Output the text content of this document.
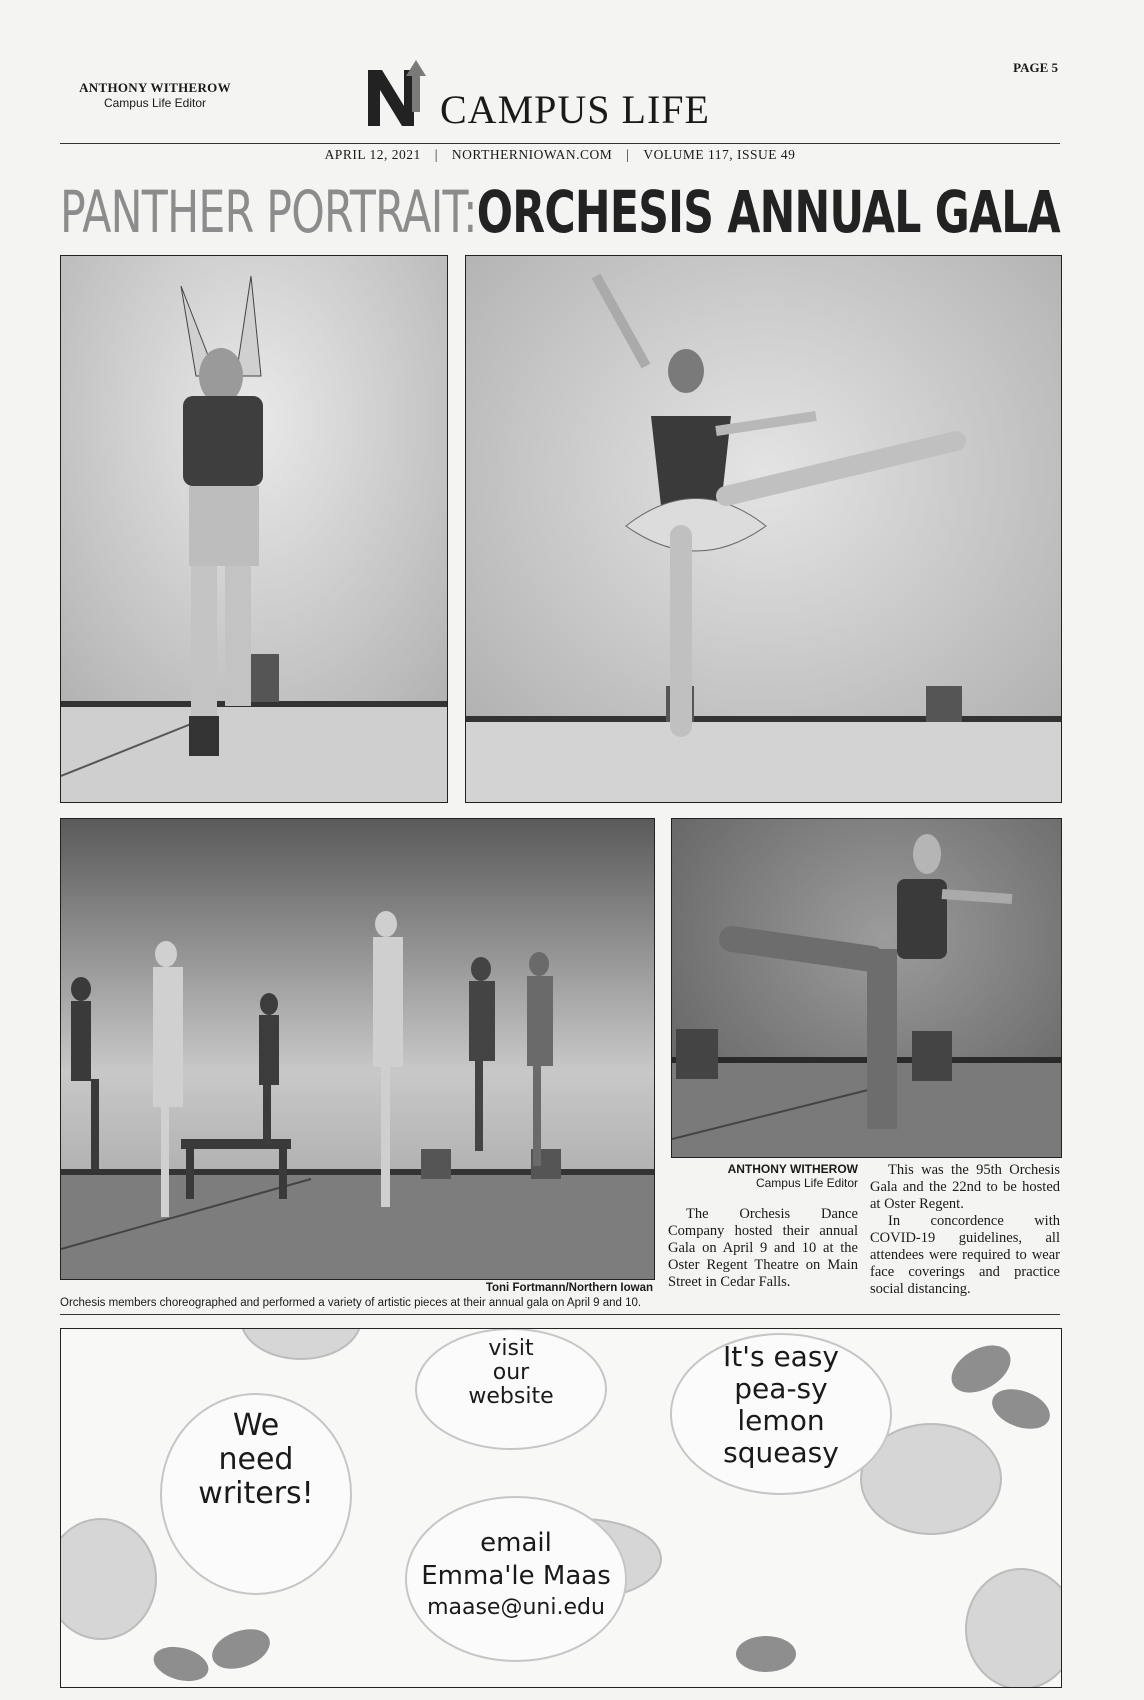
ANTHONY WITHEROW
Campus Life Editor
PAGE 5
CAMPUS LIFE
APRIL 12, 2021 | NORTHERNIOWAN.COM | VOLUME 117, ISSUE 49
PANTHER PORTRAIT:ORCHESIS ANNUAL GALA
Toni Fortmann/Northern Iowan
Orchesis members choreographed and performed a variety of artistic pieces at their annual gala on April 9 and 10.
ANTHONY WITHEROW
Campus Life Editor

The Orchesis Dance Company hosted their annual Gala on April 9 and 10 at the Oster Regent Theatre on Main Street in Cedar Falls.

This was the 95th Orchesis Gala and the 22nd to be hosted at Oster Regent.

In concordence with COVID-19 guidelines, all attendees were required to wear face coverings and practice social distancing.

We
need
writers!
visit
our
website
It's easy
pea-sy
lemon
squeasy
email
Emma'le Maas
maase@uni.edu
